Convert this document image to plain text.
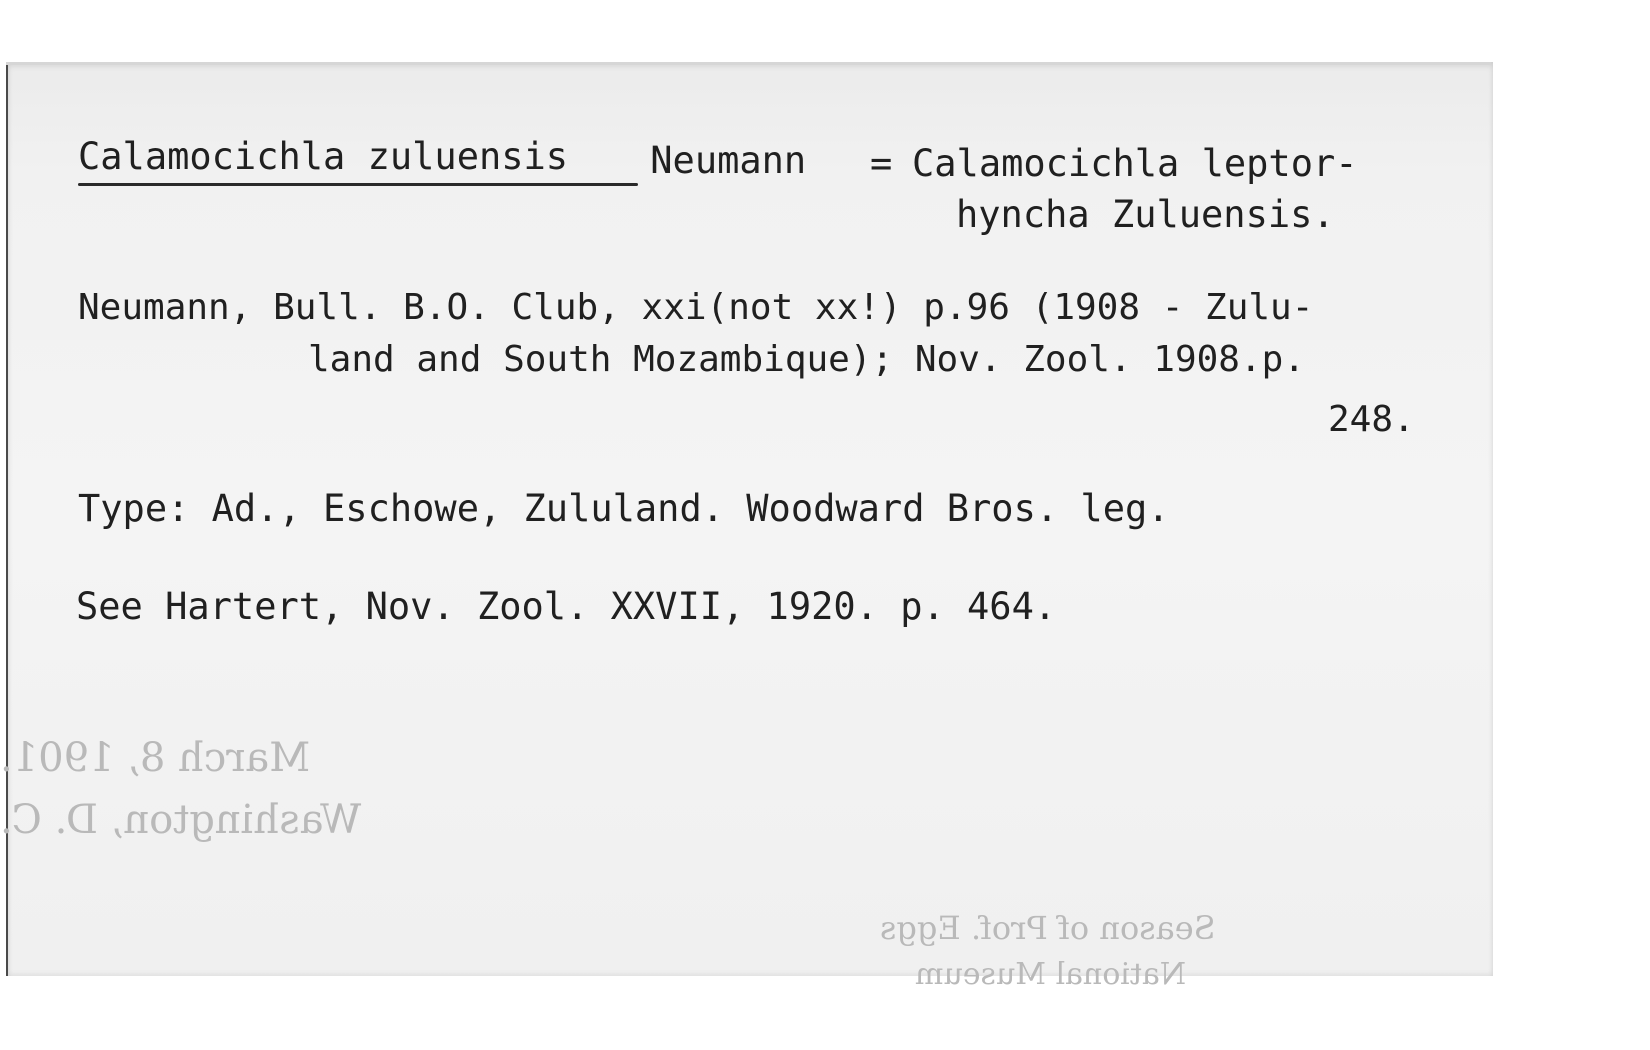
March 8, 1901.
Washington, D. C.
Season of Prof. Eggs
National Museum
Calamocichla zuluensis Neumann = Calamocichla leptor-
hyncha Zuluensis.
Neumann, Bull. B.O. Club, xxi(not xx!) p.96 (1908 - Zulu-
land and South Mozambique); Nov. Zool. 1908.p.
248.
Type: Ad., Eschowe, Zululand. Woodward Bros. leg.
See Hartert, Nov. Zool. XXVII, 1920. p. 464.
